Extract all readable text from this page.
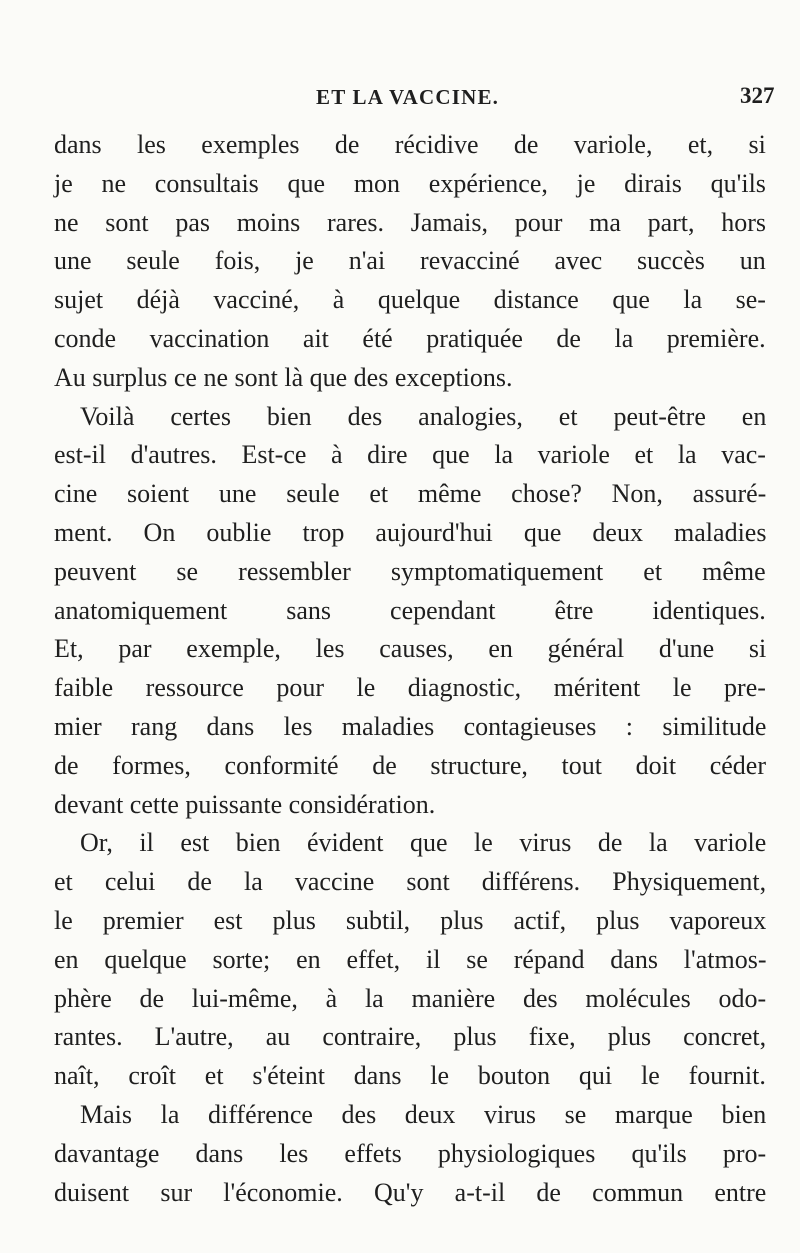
ET LA VACCINE.	327
dans les exemples de récidive de variole, et, si
je ne consultais que mon expérience, je dirais qu'ils
ne sont pas moins rares. Jamais, pour ma part, hors
une seule fois, je n'ai revacciné avec succès un
sujet déjà vacciné, à quelque distance que la se-
conde vaccination ait été pratiquée de la première.
Au surplus ce ne sont là que des exceptions.
Voilà certes bien des analogies, et peut-être en
est-il d'autres. Est-ce à dire que la variole et la vac-
cine soient une seule et même chose? Non, assuré-
ment. On oublie trop aujourd'hui que deux maladies
peuvent se ressembler symptomatiquement et même
anatomiquement sans cependant être identiques.
Et, par exemple, les causes, en général d'une si
faible ressource pour le diagnostic, méritent le pre-
mier rang dans les maladies contagieuses : similitude
de formes, conformité de structure, tout doit céder
devant cette puissante considération.
Or, il est bien évident que le virus de la variole
et celui de la vaccine sont différens. Physiquement,
le premier est plus subtil, plus actif, plus vaporeux
en quelque sorte; en effet, il se répand dans l'atmos-
phère de lui-même, à la manière des molécules odo-
rantes. L'autre, au contraire, plus fixe, plus concret,
naît, croît et s'éteint dans le bouton qui le fournit.
Mais la différence des deux virus se marque bien
davantage dans les effets physiologiques qu'ils pro-
duisent sur l'économie. Qu'y a-t-il de commun entre
